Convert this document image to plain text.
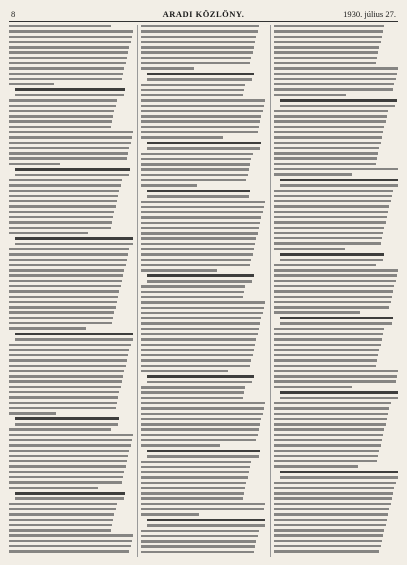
8	ARADI KÖZLÖNY.	1930. július 27.
